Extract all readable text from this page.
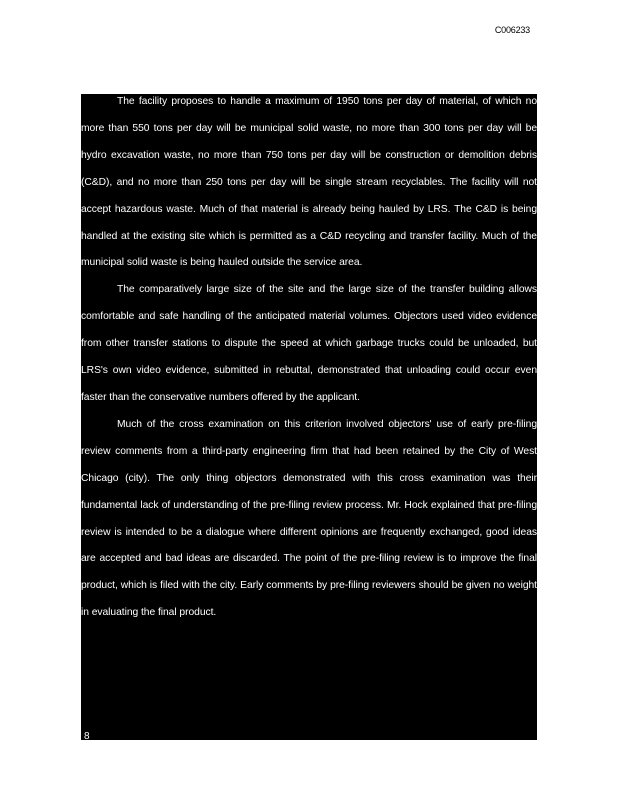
C006233

The facility proposes to handle a maximum of 1950 tons per day of material, of which no more than 550 tons per day will be municipal solid waste, no more than 300 tons per day will be hydro excavation waste, no more than 750 tons per day will be construction or demolition debris (C&D), and no more than 250 tons per day will be single stream recyclables. The facility will not accept hazardous waste. Much of that material is already being hauled by LRS. The C&D is being handled at the existing site which is permitted as a C&D recycling and transfer facility. Much of the municipal solid waste is being hauled outside the service area.

The comparatively large size of the site and the large size of the transfer building allows comfortable and safe handling of the anticipated material volumes. Objectors used video evidence from other transfer stations to dispute the speed at which garbage trucks could be unloaded, but LRS's own video evidence, submitted in rebuttal, demonstrated that unloading could occur even faster than the conservative numbers offered by the applicant.

Much of the cross examination on this criterion involved objectors' use of early pre-filing review comments from a third-party engineering firm that had been retained by the City of West Chicago (city). The only thing objectors demonstrated with this cross examination was their fundamental lack of understanding of the pre-filing review process. Mr. Hock explained that pre-filing review is intended to be a dialogue where different opinions are frequently exchanged, good ideas are accepted and bad ideas are discarded. The point of the pre-filing review is to improve the final product, which is filed with the city. Early comments by pre-filing reviewers should be given no weight in evaluating the final product.

8
